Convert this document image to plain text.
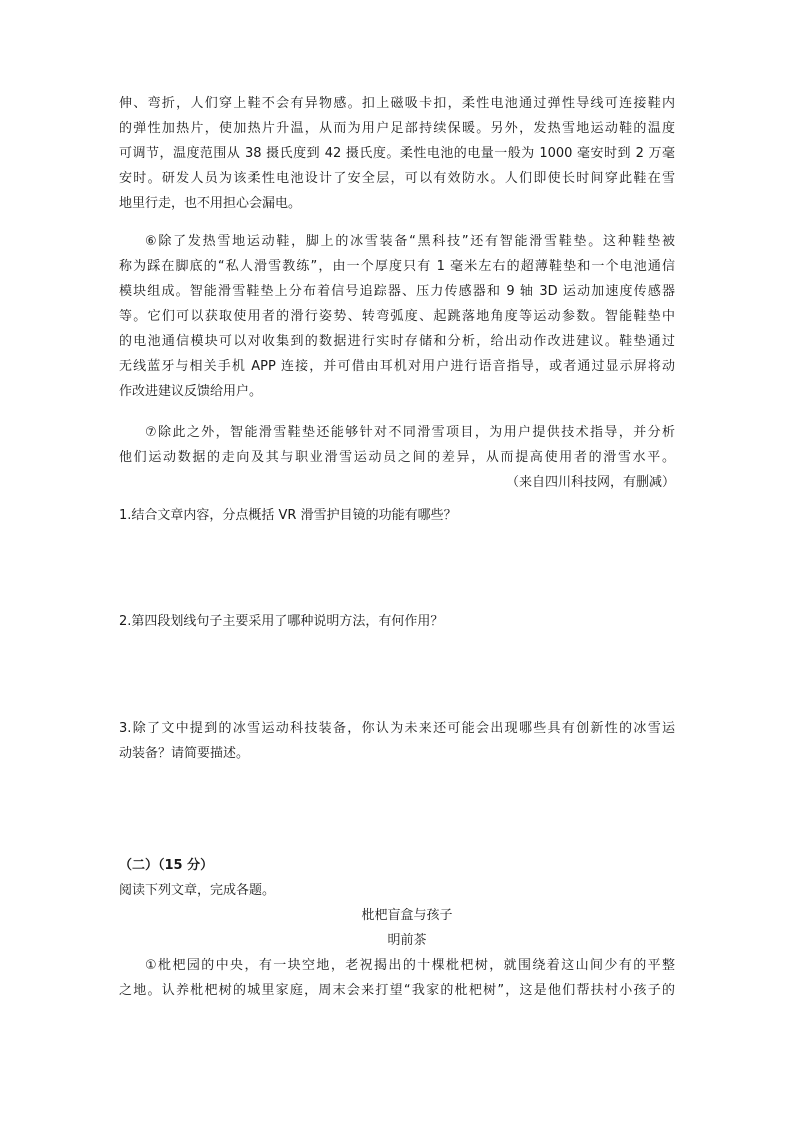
伸、弯折，人们穿上鞋不会有异物感。扣上磁吸卡扣，柔性电池通过弹性导线可连接鞋内
的弹性加热片，使加热片升温，从而为用户足部持续保暖。另外，发热雪地运动鞋的温度
可调节，温度范围从 38 摄氏度到 42 摄氏度。柔性电池的电量一般为 1000 毫安时到 2 万毫
安时。研发人员为该柔性电池设计了安全层，可以有效防水。人们即使长时间穿此鞋在雪
地里行走，也不用担心会漏电。
⑥除了发热雪地运动鞋，脚上的冰雪装备“黑科技”还有智能滑雪鞋垫。这种鞋垫被
称为踩在脚底的“私人滑雪教练”，由一个厚度只有 1 毫米左右的超薄鞋垫和一个电池通信
模块组成。智能滑雪鞋垫上分布着信号追踪器、压力传感器和 9 轴 3D 运动加速度传感器
等。它们可以获取使用者的滑行姿势、转弯弧度、起跳落地角度等运动参数。智能鞋垫中
的电池通信模块可以对收集到的数据进行实时存储和分析，给出动作改进建议。鞋垫通过
无线蓝牙与相关手机 APP 连接，并可借由耳机对用户进行语音指导，或者通过显示屏将动
作改进建议反馈给用户。
⑦除此之外，智能滑雪鞋垫还能够针对不同滑雪项目，为用户提供技术指导，并分析
他们运动数据的走向及其与职业滑雪运动员之间的差异，从而提高使用者的滑雪水平。
（来自四川科技网，有删减）
1.结合文章内容，分点概括 VR 滑雪护目镜的功能有哪些？
2.第四段划线句子主要采用了哪种说明方法，有何作用？
3.除了文中提到的冰雪运动科技装备，你认为未来还可能会出现哪些具有创新性的冰雪运
动装备？请简要描述。
（二）（15 分）
阅读下列文章，完成各题。
枇杷盲盒与孩子
明前茶
①枇杷园的中央，有一块空地，老祝揭出的十棵枇杷树，就围绕着这山间少有的平整
之地。认养枇杷树的城里家庭，周末会来打望“我家的枇杷树”，这是他们帮扶村小孩子的
